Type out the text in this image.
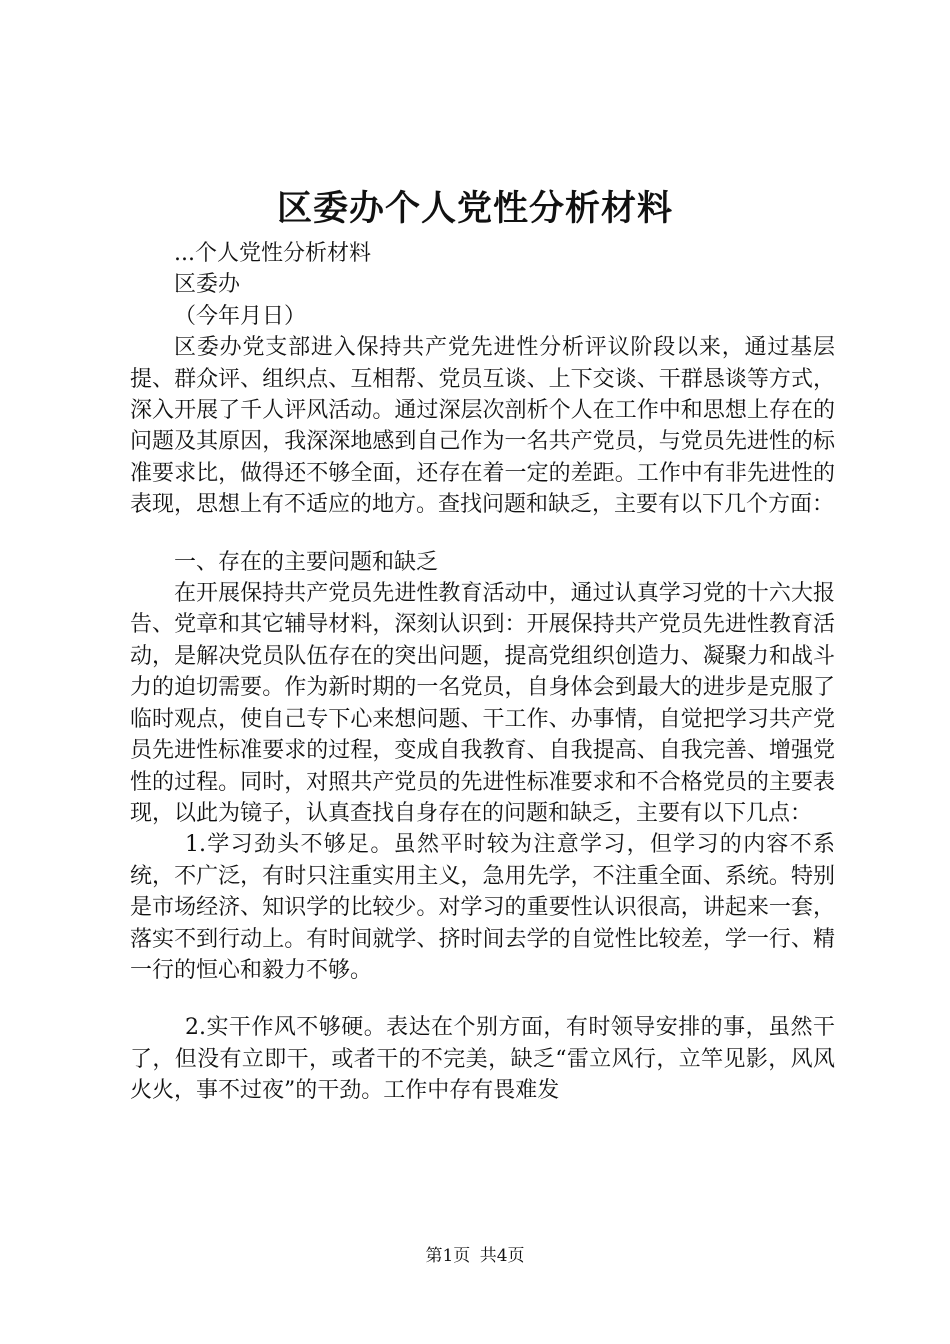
区委办个人党性分析材料

...个人党性分析材料

区委办

（今年月日）

区委办党支部进入保持共产党先进性分析评议阶段以来，通过基层提、群众评、组织点、互相帮、党员互谈、上下交谈、干群恳谈等方式，深入开展了千人评风活动。通过深层次剖析个人在工作中和思想上存在的问题及其原因，我深深地感到自己作为一名共产党员，与党员先进性的标准要求比，做得还不够全面，还存在着一定的差距。工作中有非先进性的表现，思想上有不适应的地方。查找问题和缺乏，主要有以下几个方面：

一、存在的主要问题和缺乏

在开展保持共产党员先进性教育活动中，通过认真学习党的十六大报告、党章和其它辅导材料，深刻认识到：开展保持共产党员先进性教育活动，是解决党员队伍存在的突出问题，提高党组织创造力、凝聚力和战斗力的迫切需要。作为新时期的一名党员，自身体会到最大的进步是克服了临时观点，使自己专下心来想问题、干工作、办事情，自觉把学习共产党员先进性标准要求的过程，变成自我教育、自我提高、自我完善、增强党性的过程。同时，对照共产党员的先进性标准要求和不合格党员的主要表现，以此为镜子，认真查找自身存在的问题和缺乏，主要有以下几点：

1.学习劲头不够足。虽然平时较为注意学习，但学习的内容不系统，不广泛，有时只注重实用主义，急用先学，不注重全面、系统。特别是市场经济、知识学的比较少。对学习的重要性认识很高，讲起来一套，落实不到行动上。有时间就学、挤时间去学的自觉性比较差，学一行、精一行的恒心和毅力不够。

2.实干作风不够硬。表达在个别方面，有时领导安排的事，虽然干了，但没有立即干，或者干的不完美，缺乏“雷立风行，立竿见影，风风火火，事不过夜”的干劲。工作中存有畏难发

第1页 共4页
